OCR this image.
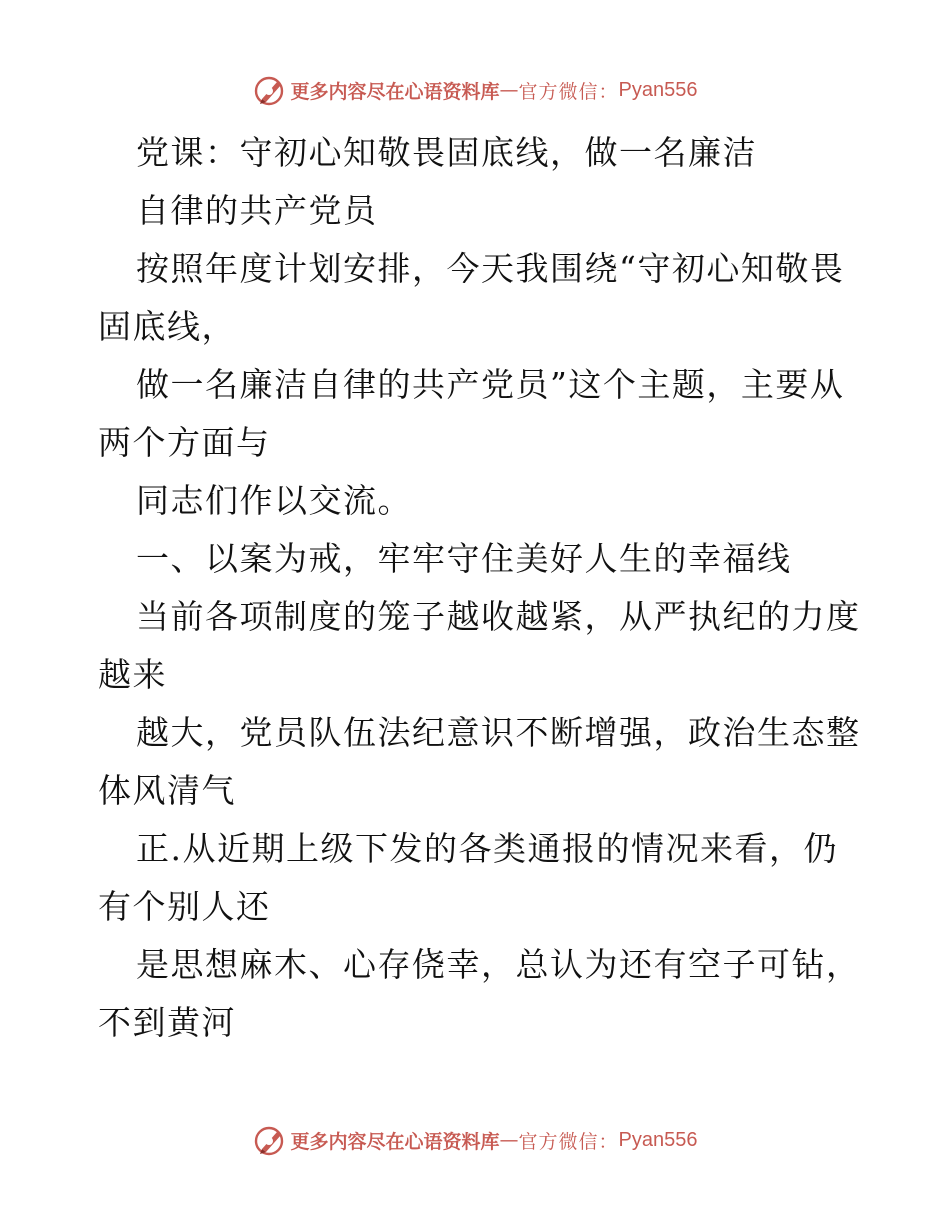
更多内容尽在心语资料库 — 官方微信： Pyan556
党课：守初心知敬畏固底线，做一名廉洁
自律的共产党员
按照年度计划安排，今天我围绕“守初心知敬畏
固底线，
做一名廉洁自律的共产党员”这个主题，主要从
两个方面与
同志们作以交流。
一、以案为戒，牢牢守住美好人生的幸福线
当前各项制度的笼子越收越紧，从严执纪的力度
越来
越大，党员队伍法纪意识不断增强，政治生态整
体风清气
正.从近期上级下发的各类通报的情况来看，仍
有个别人还
是思想麻木、心存侥幸，总认为还有空子可钻，
不到黄河
更多内容尽在心语资料库 — 官方微信： Pyan556
